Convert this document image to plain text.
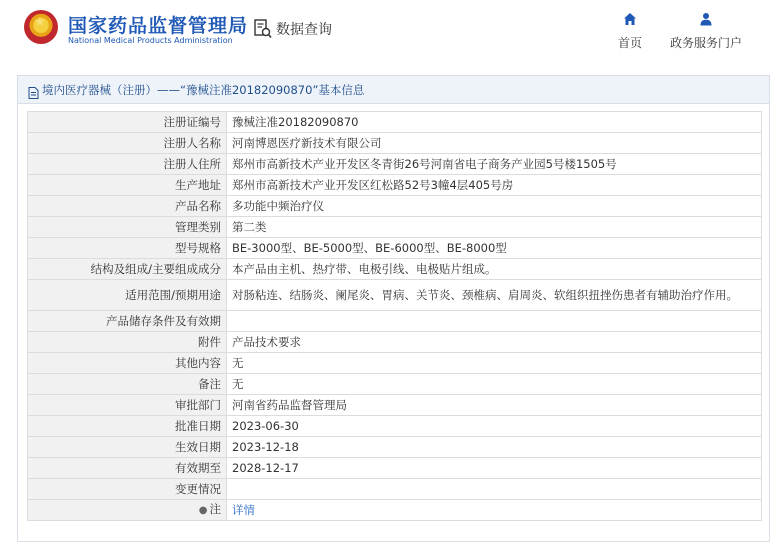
★
国家药品监督管理局
National Medical Products Administration
数据查询
首页	政务服务门户
境内医疗器械（注册）——“豫械注准20182090870”基本信息
注册证编号	豫械注准20182090870
注册人名称	河南博恩医疗新技术有限公司
注册人住所	郑州市高新技术产业开发区冬青街26号河南省电子商务产业园5号楼1505号
生产地址	郑州市高新技术产业开发区红松路52号3幢4层405号房
产品名称	多功能中频治疗仪
管理类别	第二类
型号规格	BE-3000型、BE-5000型、BE-6000型、BE-8000型
结构及组成/主要组成成分	本产品由主机、热疗带、电极引线、电极贴片组成。
适用范围/预期用途	对肠粘连、结肠炎、阑尾炎、胃病、关节炎、颈椎病、肩周炎、软组织扭挫伤患者有辅助治疗作用。
产品储存条件及有效期	
附件	产品技术要求
其他内容	无
备注	无
审批部门	河南省药品监督管理局
批准日期	2023-06-30
生效日期	2023-12-18
有效期至	2028-12-17
变更情况	
● 注	详情
